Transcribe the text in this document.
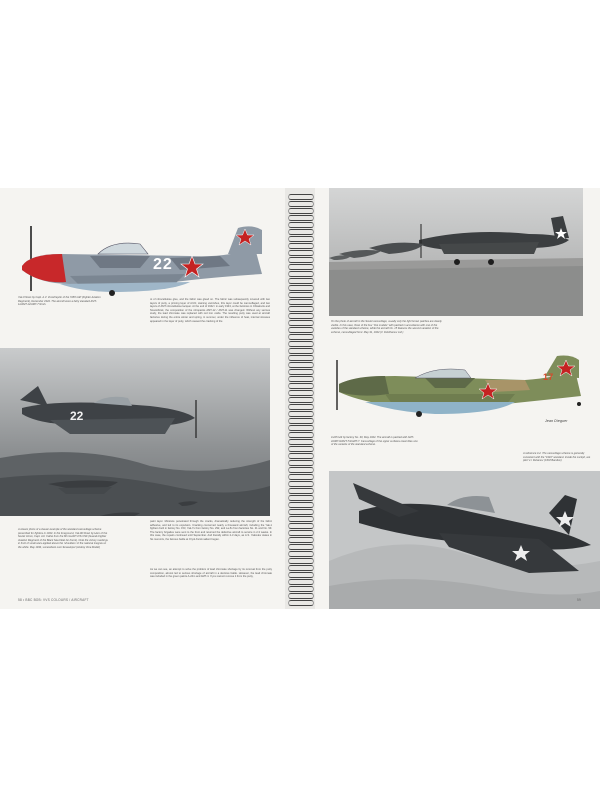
22
Yak-9 flown by Capt. A.V. Vorozheykin of the 728th IAP (Fighter Aviation Regiment), December 1944. The aircraft wore a fairly standard AMT-11/AMT-12/AMT-7 finish.
ot of nitrocellulose glue, and the fabric was glued on. The fabric was subsequently covered with two layers of putty, a priming layer of AII-N, staining varnishes, this layer could be camouflaged, and two layers of AMT nitrocellulose lacquer. At the end of 1942 / in early 1943, at the factories in Chkalovsk and Novosibirsk, the composition of the nitropaints AMT-12 / AMT-11 was changed. Without any serious study, the lead chromate was replaced with red iron oxide. The resulting putty was used at aircraft factories during the entire winter and spring, in summer, under the influence of heat, internal stresses appeared in the layer of putty, which caused the cracking of the
22
A classic photo of a classic example of the standard camouflage scheme prescribed for fighters in 1943. In the foreground, Yak-9D flown by Hero of the Soviet Union, Capt. A.F. Cathe from the 6th GvIAP VVS CSF (Guards Fighter Aviation Regiment of the Black Sea Fleet Air Force). Note the victory markings in front of small stars applied above the 'shoulders' of the national insignia on the white. May 1944, somewhere over Sevastopol (Andrey Vera Model)
paint layer. Moisture penetrated through the cracks, dramatically reducing the strength of the fabric adhesive, and led to its expulsion. Cracking concerned nearly a thousand aircraft, including the Yak-1 fighters built in factory No. 153, Yak-7s from factory No. 292, and La-5s from factories No. 21 and No. 99. The factory brigades were sent to the front and returned the defective aircraft to service in 2-3 weeks. In this case, the repairs continued until September. And literally within 2-3 days, as A.S. Yakovlev states in his memoirs, the famous battle at Oryol-Kursk salient began.
As we can see, an attempt to solve the problem of lead chromate shortage by its removal from the putty composition, almost led to serious shortage of aircraft in a decisive battle. However, the lead chromate was included in the green paints A-24m and AMT-4. If you cannot remove it from the putty,
58 • ВВС ВОВ: VVS COLOURS / AIRCRAFT
On the photo of aircraft in the Soviet camouflage, usually only the light brown patches are clearly visible. In this case, three of the four "line models" with painted in accordance with one of the varieties of the standard scheme, while the aircraft No. 15 features the second variation of the scheme, camouflaged front. May 31, 1944 (V. Dobkhanov coll.)
17
Jean Dieguer
Il-2M built by factory No. 30, May 1944. The aircraft is painted with AMT-4/AMT-6/AMT-7/2/AMT-7. Camouflage of the upper surfaces resembles one of the variants of the standard scheme.
A reference Il-2. The camouflage scheme is generally consistent with the "1943" standard. Inside the cockpit, are pilot V.I. Rubanov (CKM Bandion)
59
